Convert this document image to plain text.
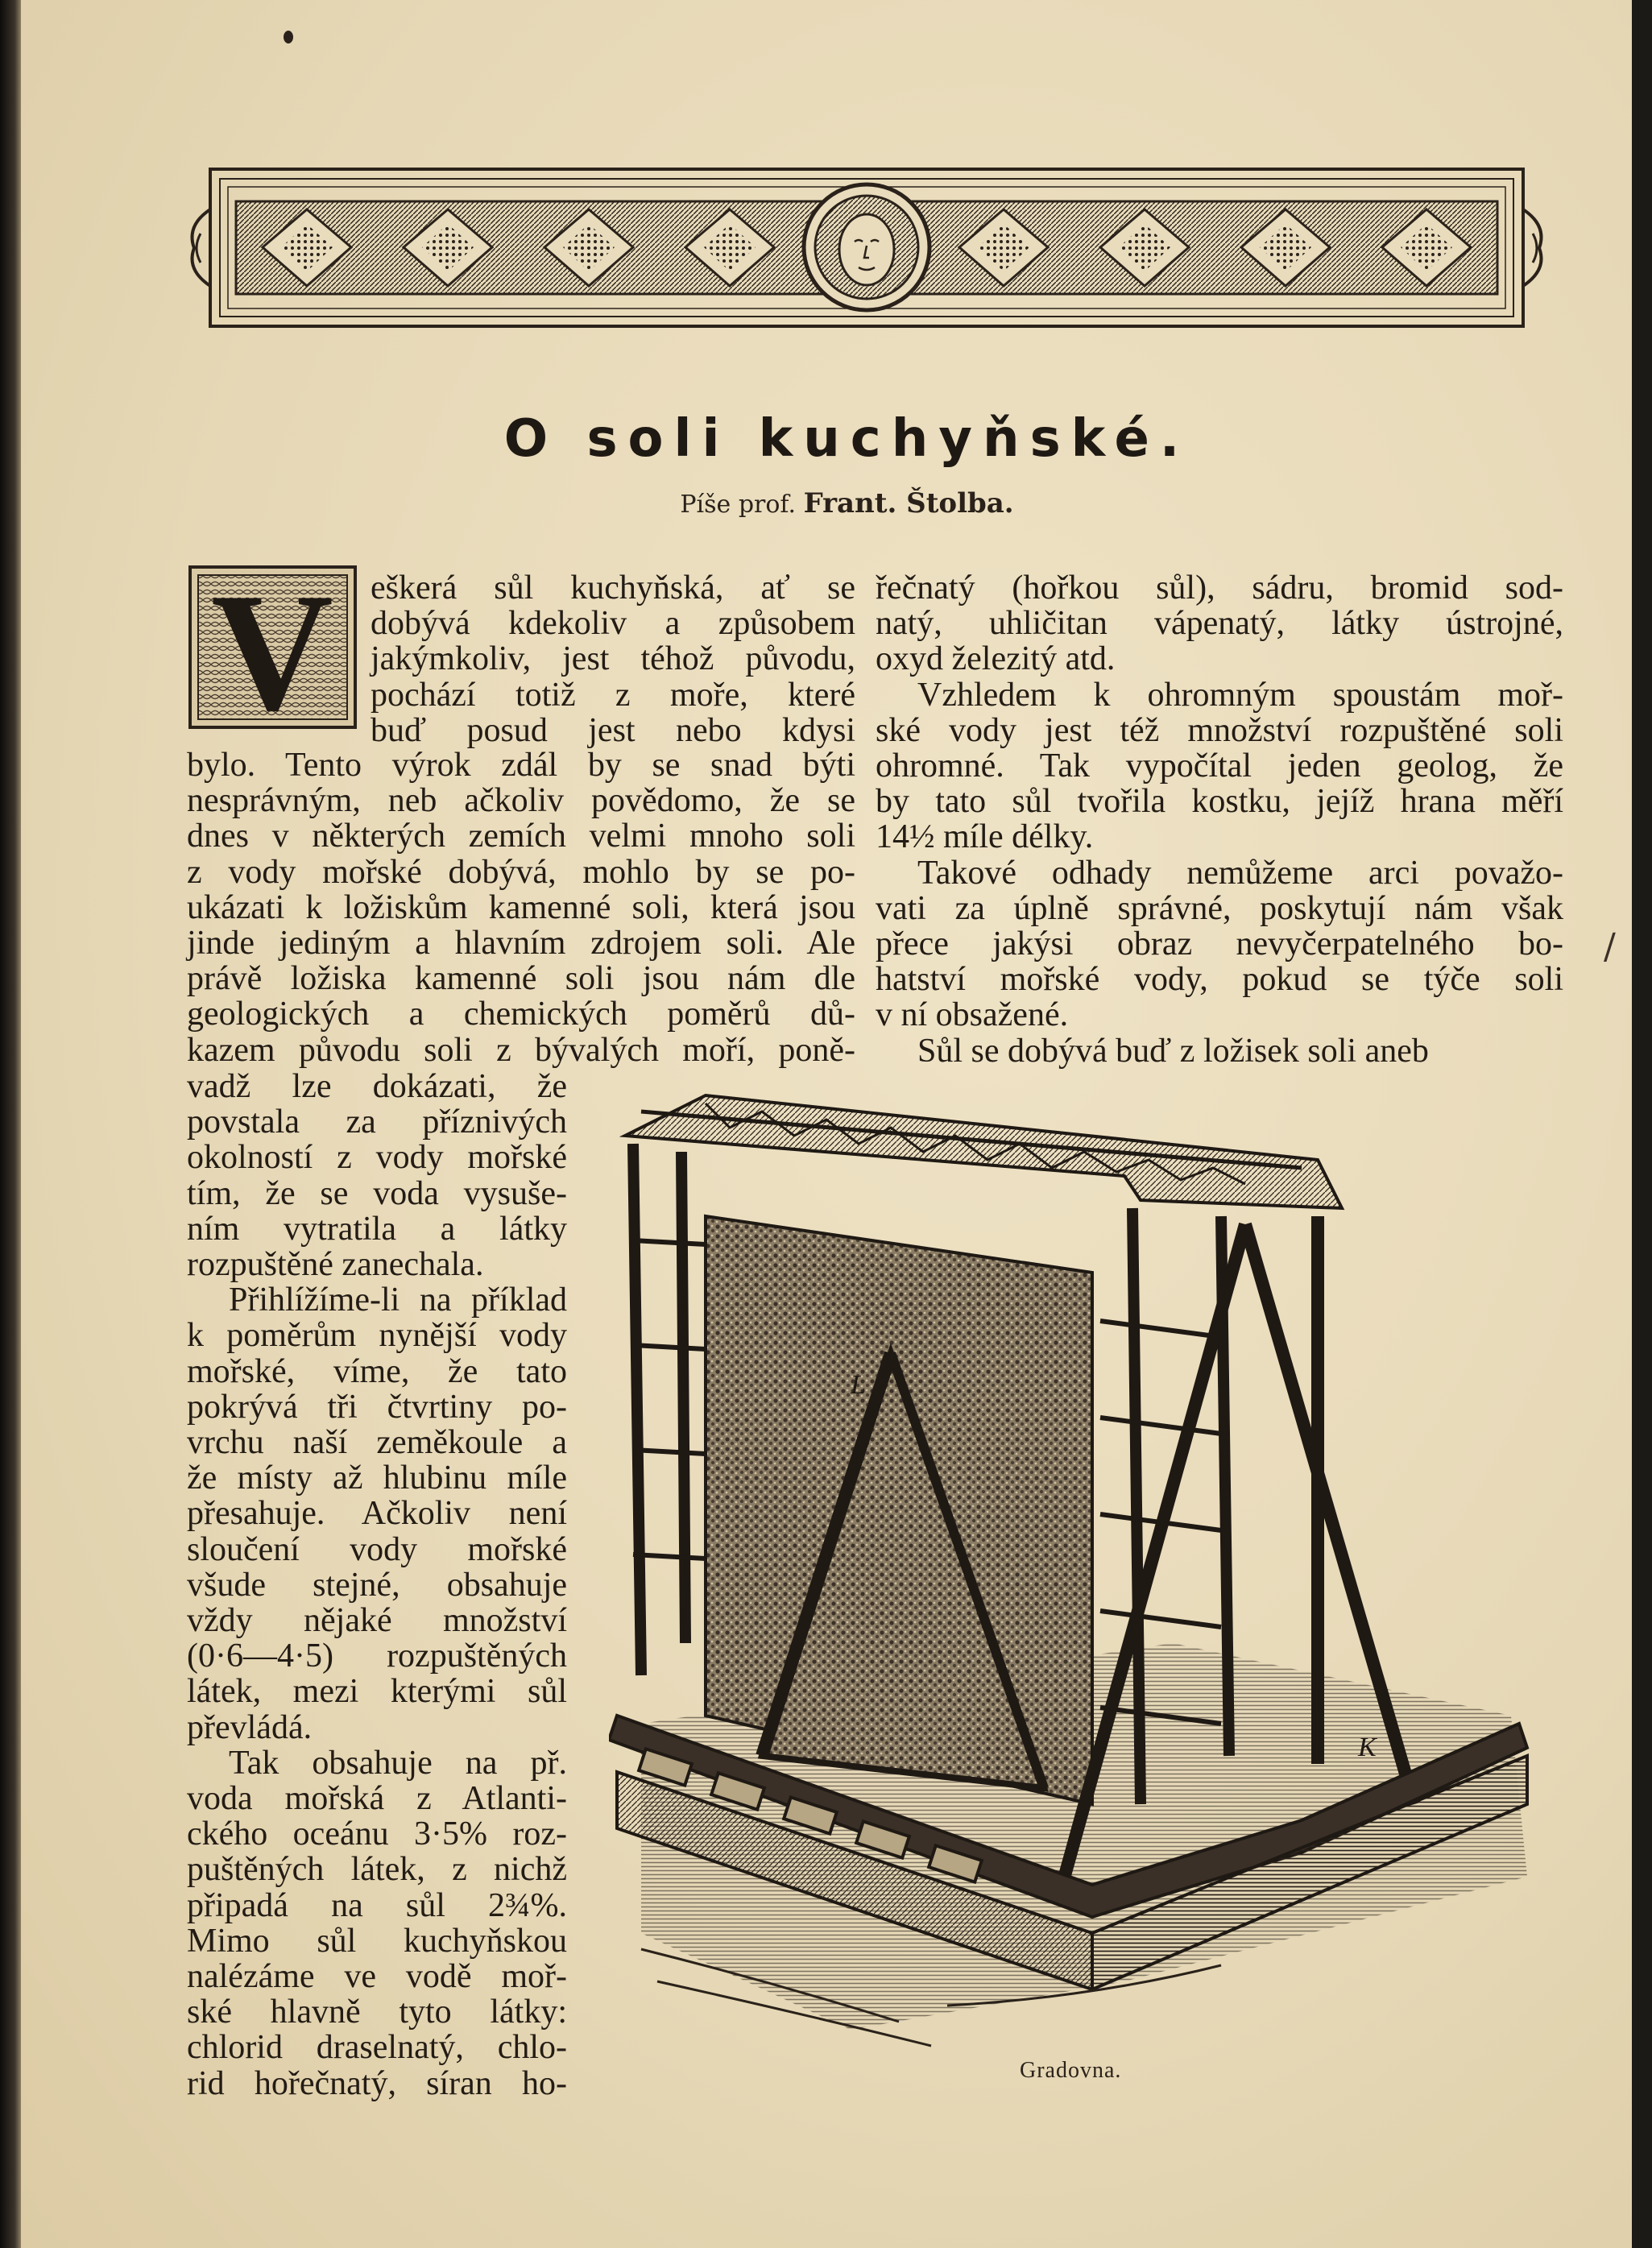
O soli kuchyňské.
Píše prof. Frant. Štolba.
V eškerá sůl kuchyňská, ať se

dobývá kdekoliv a způsobem

jakýmkoliv, jest téhož původu,

pochází totiž z moře, které

buď posud jest nebo kdysi

bylo. Tento výrok zdál by se snad býti

nesprávným, neb ačkoliv povědomo, že se

dnes v některých zemích velmi mnoho soli

z vody mořské dobývá, mohlo by se po-

ukázati k ložiskům kamenné soli, která jsou

jinde jediným a hlavním zdrojem soli. Ale

právě ložiska kamenné soli jsou nám dle

geologických a chemických poměrů dů-

kazem původu soli z bývalých moří, poně-

vadž lze dokázati, že

povstala za příznivých

okolností z vody mořské

tím, že se voda vysuše-

ním vytratila a látky

rozpuštěné zanechala.

Přihlížíme-li na příklad

k poměrům nynější vody

mořské, víme, že tato

pokrývá tři čtvrtiny po-

vrchu naší zeměkoule a

že místy až hlubinu míle

přesahuje. Ačkoliv není

sloučení vody mořské

všude stejné, obsahuje

vždy nějaké množství

(0·6—4·5) rozpuštěných

látek, mezi kterými sůl

převládá.

Tak obsahuje na př.

voda mořská z Atlanti-

ckého oceánu 3·5% roz-

puštěných látek, z nichž

připadá na sůl 2¾%.

Mimo sůl kuchyňskou

nalézáme ve vodě moř-

ské hlavně tyto látky:

chlorid draselnatý, chlo-

rid hořečnatý, síran ho-

řečnatý (hořkou sůl), sádru, bromid sod-

natý, uhličitan vápenatý, látky ústrojné,

oxyd železitý atd.

Vzhledem k ohromným spoustám moř-

ské vody jest též množství rozpuštěné soli

ohromné. Tak vypočítal jeden geolog, že

by tato sůl tvořila kostku, jejíž hrana měří

14½ míle délky.

Takové odhady nemůžeme arci považo-

vati za úplně správné, poskytují nám však

přece jakýsi obraz nevyčerpatelného bo-

hatství mořské vody, pokud se týče soli

v ní obsažené.

Sůl se dobývá buď z ložisek soli aneb

L
K
Gradovna.
/
